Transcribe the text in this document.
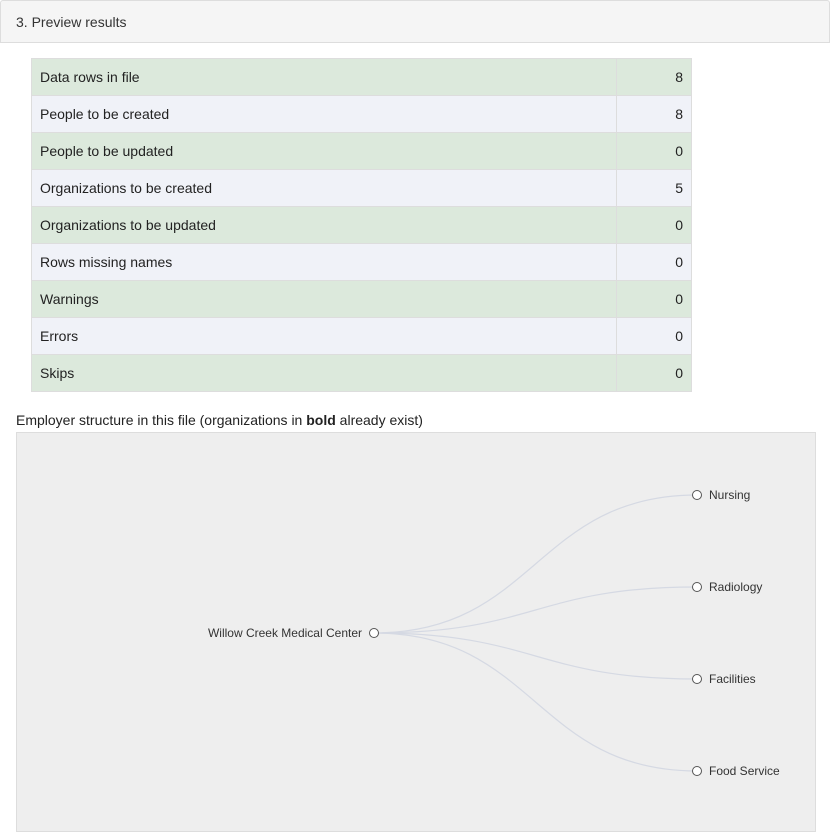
3. Preview results
Data rows in file	8
People to be created	8
People to be updated	0
Organizations to be created	5
Organizations to be updated	0
Rows missing names	0
Warnings	0
Errors	0
Skips	0
Employer structure in this file (organizations in bold already exist)
Willow Creek Medical Center
Nursing
Radiology
Facilities
Food Service
